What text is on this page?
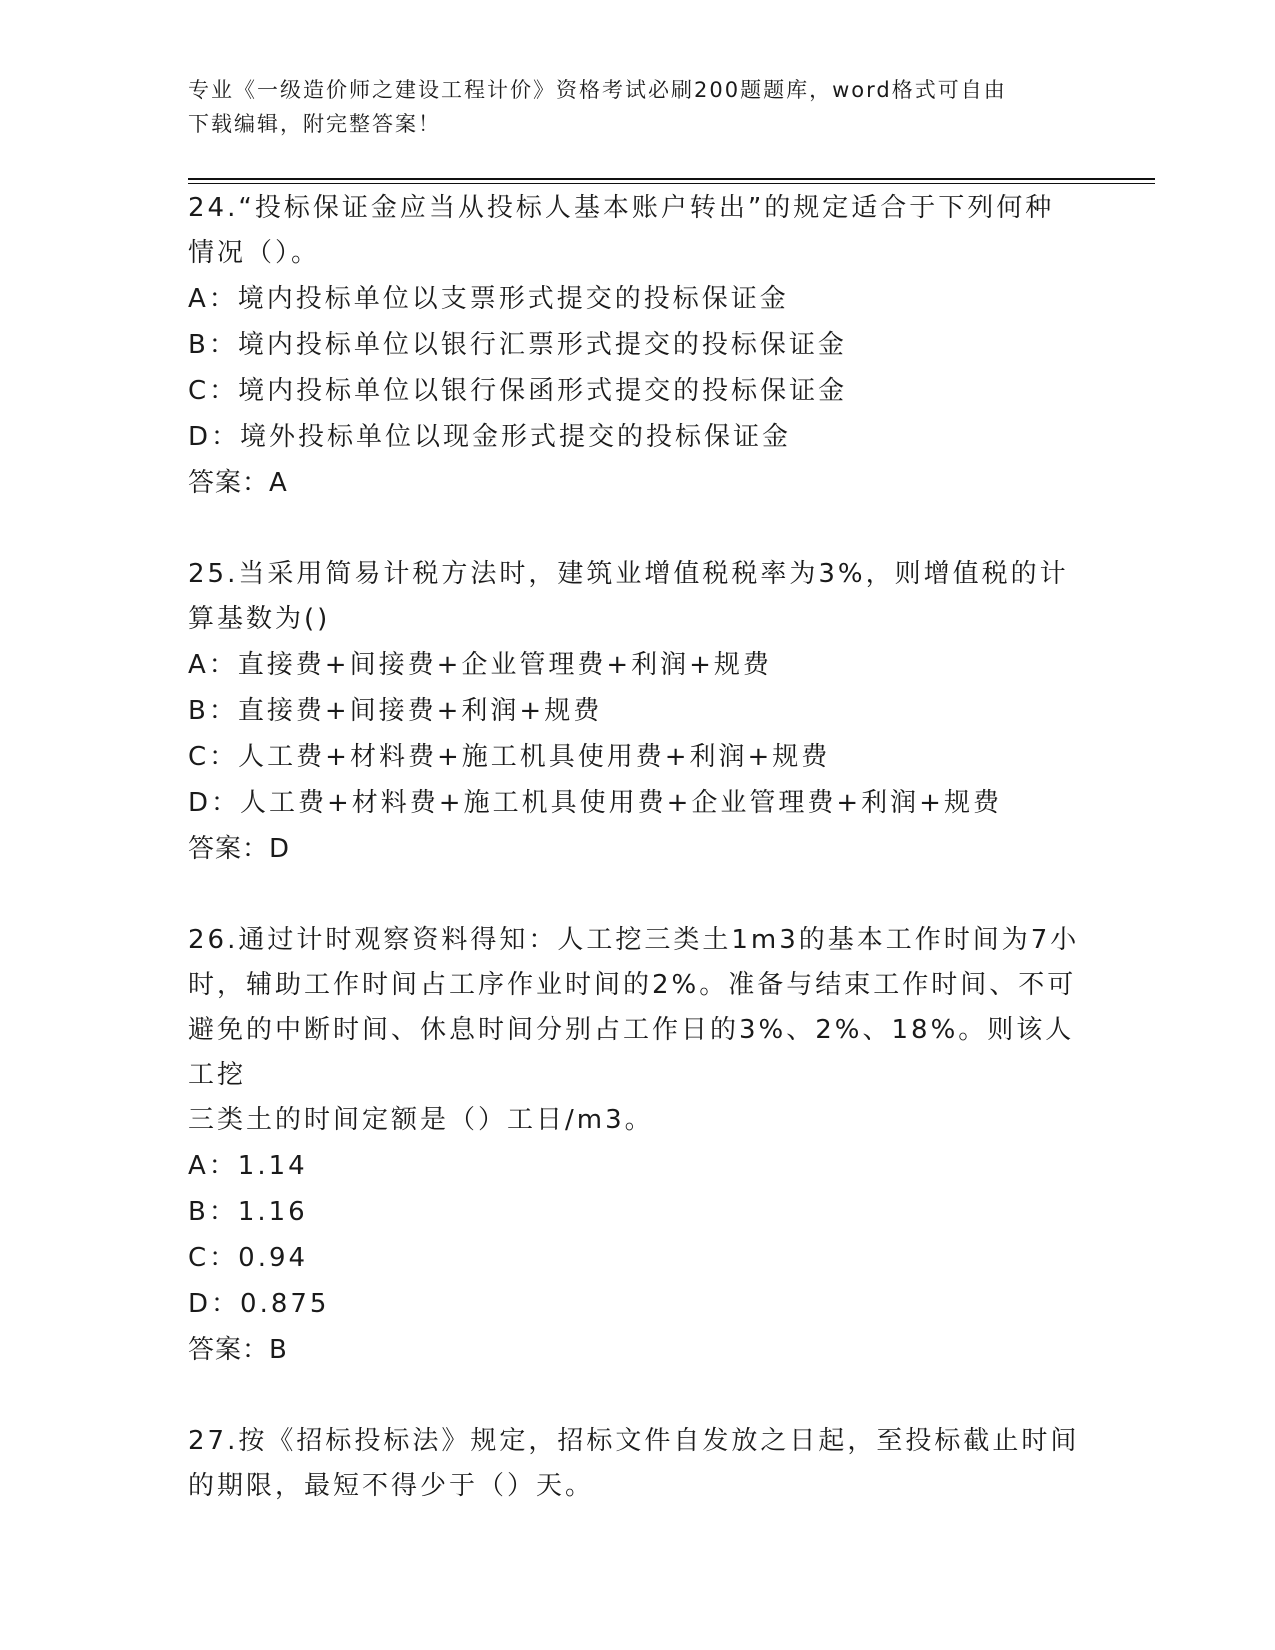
专业《一级造价师之建设工程计价》资格考试必刷200题题库，word格式可自由
下载编辑，附完整答案！

24.“投标保证金应当从投标人基本账户转出”的规定适合于下列何种
情况（）。

A：境内投标单位以支票形式提交的投标保证金
B：境内投标单位以银行汇票形式提交的投标保证金
C：境内投标单位以银行保函形式提交的投标保证金
D：境外投标单位以现金形式提交的投标保证金
答案：A

25.当采用简易计税方法时，建筑业增值税税率为3%，则增值税的计
算基数为()

A：直接费+间接费+企业管理费+利润+规费
B：直接费+间接费+利润+规费
C：人工费+材料费+施工机具使用费+利润+规费
D：人工费+材料费+施工机具使用费+企业管理费+利润+规费
答案：D

26.通过计时观察资料得知：人工挖三类土1m3的基本工作时间为7小
时，辅助工作时间占工序作业时间的2%。准备与结束工作时间、不可
避免的中断时间、休息时间分别占工作日的3%、2%、18%。则该人工挖
三类土的时间定额是（）工日/m3。

A：1.14
B：1.16
C：0.94
D：0.875
答案：B

27.按《招标投标法》规定，招标文件自发放之日起，至投标截止时间
的期限，最短不得少于（）天。
